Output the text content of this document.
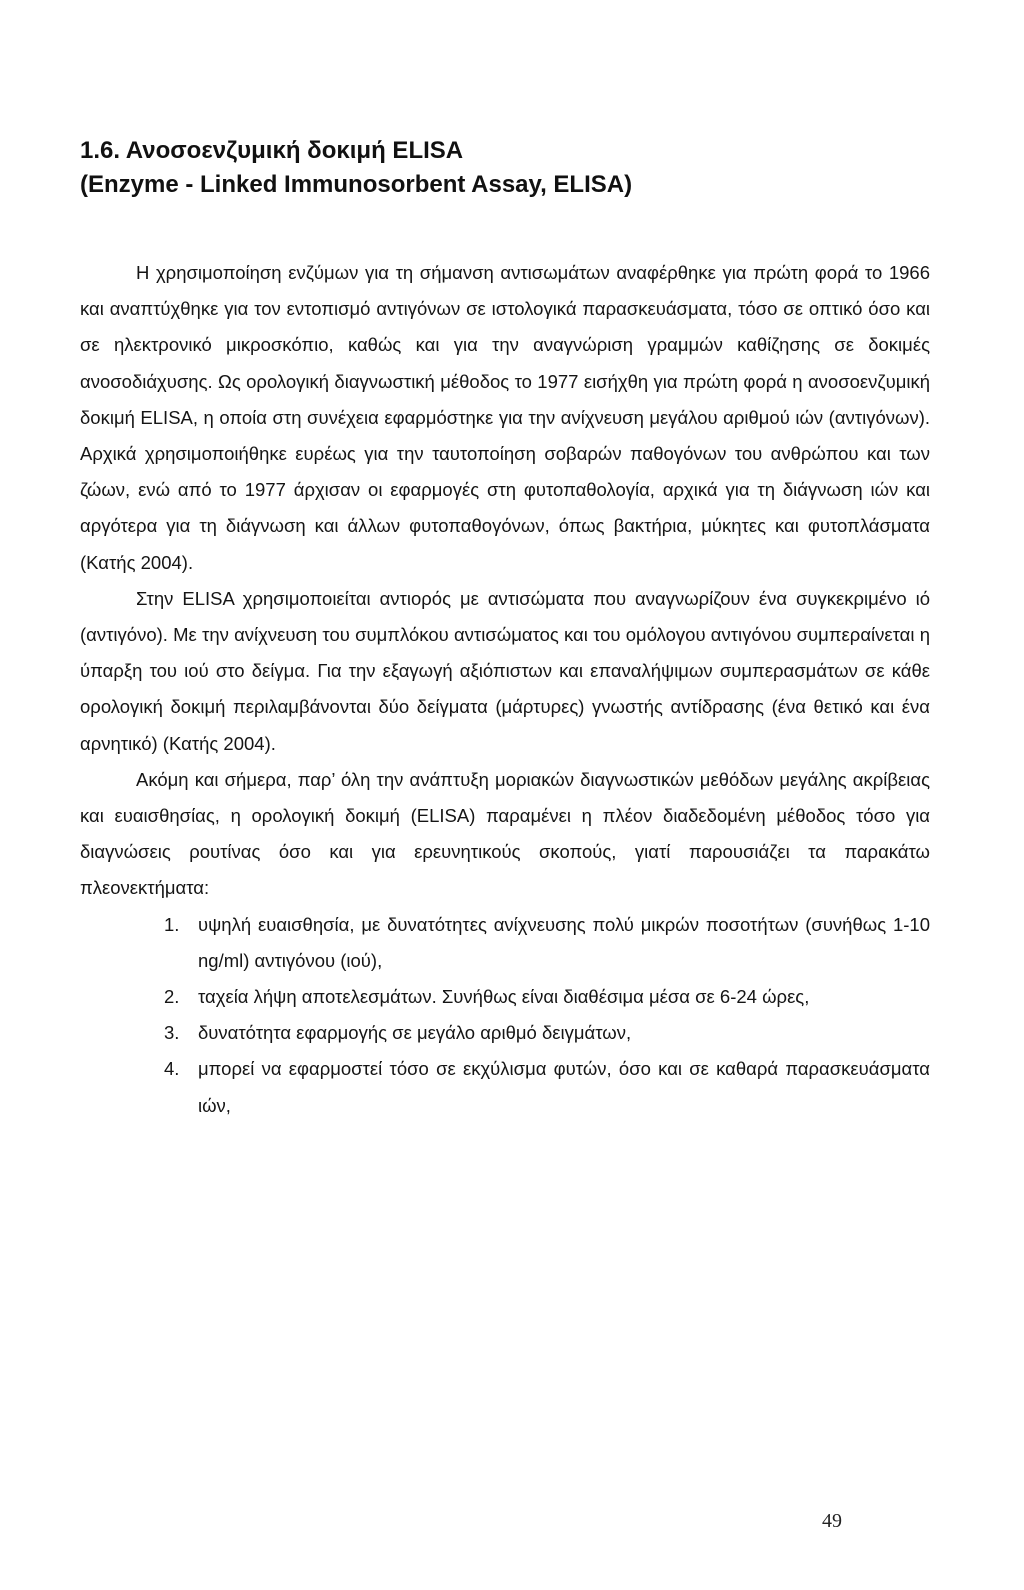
1.6. Ανοσοενζυμική δοκιμή ELISA
(Enzyme - Linked Immunosorbent Assay, ELISA)

Η χρησιμοποίηση ενζύμων για τη σήμανση αντισωμάτων αναφέρθηκε για πρώτη φορά το 1966 και αναπτύχθηκε για τον εντοπισμό αντιγόνων σε ιστολογικά παρασκευάσματα, τόσο σε οπτικό όσο και σε ηλεκτρονικό μικροσκόπιο, καθώς και για την αναγνώριση γραμμών καθίζησης σε δοκιμές ανοσοδιάχυσης. Ως ορολογική διαγνωστική μέθοδος το 1977 εισήχθη για πρώτη φορά η ανοσοενζυμική δοκιμή ELISA, η οποία στη συνέχεια εφαρμόστηκε για την ανίχνευση μεγάλου αριθμού ιών (αντιγόνων). Αρχικά χρησιμοποιήθηκε ευρέως για την ταυτοποίηση σοβαρών παθογόνων του ανθρώπου και των ζώων, ενώ από το 1977 άρχισαν οι εφαρμογές στη φυτοπαθολογία, αρχικά για τη διάγνωση ιών και αργότερα για τη διάγνωση και άλλων φυτοπαθογόνων, όπως βακτήρια, μύκητες και φυτοπλάσματα (Κατής 2004).

Στην ELISA χρησιμοποιείται αντιορός με αντισώματα που αναγνωρίζουν ένα συγκεκριμένο ιό (αντιγόνο). Με την ανίχνευση του συμπλόκου αντισώματος και του ομόλογου αντιγόνου συμπεραίνεται η ύπαρξη του ιού στο δείγμα. Για την εξαγωγή αξιόπιστων και επαναλήψιμων συμπερασμάτων σε κάθε ορολογική δοκιμή περιλαμβάνονται δύο δείγματα (μάρτυρες) γνωστής αντίδρασης (ένα θετικό και ένα αρνητικό) (Κατής 2004).

Ακόμη και σήμερα, παρ’ όλη την ανάπτυξη μοριακών διαγνωστικών μεθόδων μεγάλης ακρίβειας και ευαισθησίας, η ορολογική δοκιμή (ELISA) παραμένει η πλέον διαδεδομένη μέθοδος τόσο για διαγνώσεις ρουτίνας όσο και για ερευνητικούς σκοπούς, γιατί παρουσιάζει τα παρακάτω πλεονεκτήματα:

1.	υψηλή ευαισθησία, με δυνατότητες ανίχνευσης πολύ μικρών ποσοτήτων (συνήθως 1-10 ng/ml) αντιγόνου (ιού),
2.	ταχεία λήψη αποτελεσμάτων. Συνήθως είναι διαθέσιμα μέσα σε 6-24 ώρες,
3.	δυνατότητα εφαρμογής σε μεγάλο αριθμό δειγμάτων,
4.	μπορεί να εφαρμοστεί τόσο σε εκχύλισμα φυτών, όσο και σε καθαρά παρασκευάσματα ιών,
49
